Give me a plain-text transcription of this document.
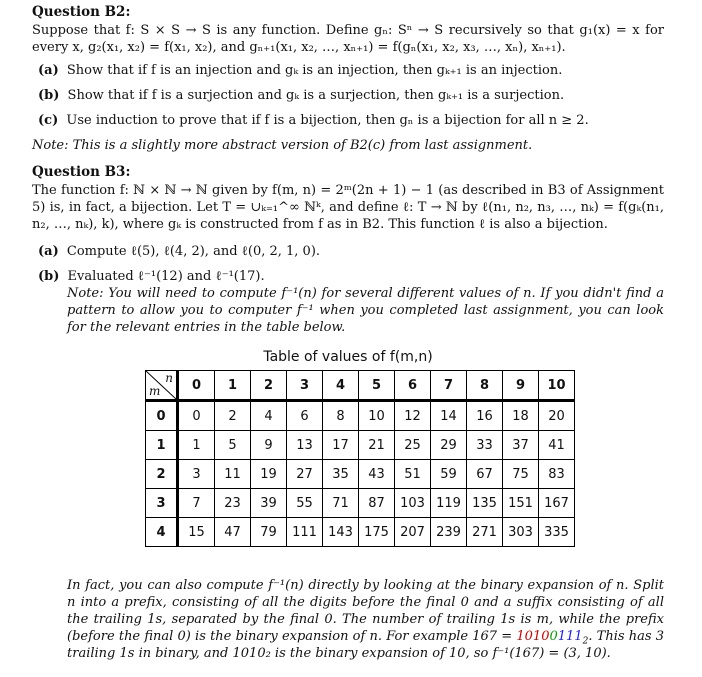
Question B2:

Suppose that f: S × S → S is any function. Define gₙ: Sⁿ → S recursively so that g₁(x) = x for every x, g₂(x₁, x₂) = f(x₁, x₂), and gₙ₊₁(x₁, x₂, …, xₙ₊₁) = f(gₙ(x₁, x₂, x₃, …, xₙ), xₙ₊₁).

(a) Show that if f is an injection and gₖ is an injection, then gₖ₊₁ is an injection.
(b) Show that if f is a surjection and gₖ is a surjection, then gₖ₊₁ is a surjection.
(c) Use induction to prove that if f is a bijection, then gₙ is a bijection for all n ≥ 2.

Note: This is a slightly more abstract version of B2(c) from last assignment.

Question B3:

The function f: ℕ × ℕ → ℕ given by f(m, n) = 2ᵐ(2n + 1) − 1 (as described in B3 of Assignment 5) is, in fact, a bijection. Let T = ∪ₖ₌₁^∞ ℕᵏ, and define ℓ: T → ℕ by ℓ(n₁, n₂, n₃, …, nₖ) = f(gₖ(n₁, n₂, …, nₖ), k), where gₖ is constructed from f as in B2. This function ℓ is also a bijection.

(a) Compute ℓ(5), ℓ(4, 2), and ℓ(0, 2, 1, 0).
(b) Evaluated ℓ⁻¹(12) and ℓ⁻¹(17).

Note: You will need to compute f⁻¹(n) for several different values of n. If you didn't find a pattern to allow you to computer f⁻¹ when you completed last assignment, you can look for the relevant entries in the table below.

Table of values of f(m,n)
n
m	0	1	2	3	4	5	6	7	8	9	10
0	0	2	4	6	8	10	12	14	16	18	20
1	1	5	9	13	17	21	25	29	33	37	41
2	3	11	19	27	35	43	51	59	67	75	83
3	7	23	39	55	71	87	103	119	135	151	167
4	15	47	79	111	143	175	207	239	271	303	335

In fact, you can also compute f⁻¹(n) directly by looking at the binary expansion of n. Split n into a prefix, consisting of all the digits before the final 0 and a suffix consisting of all the trailing 1s, separated by the final 0. The number of trailing 1s is m, while the prefix (before the final 0) is the binary expansion of n. For example $167 = 10100111_2$. This has 3 trailing 1s in binary, and 1010₂ is the binary expansion of 10, so f⁻¹(167) = (3, 10).
